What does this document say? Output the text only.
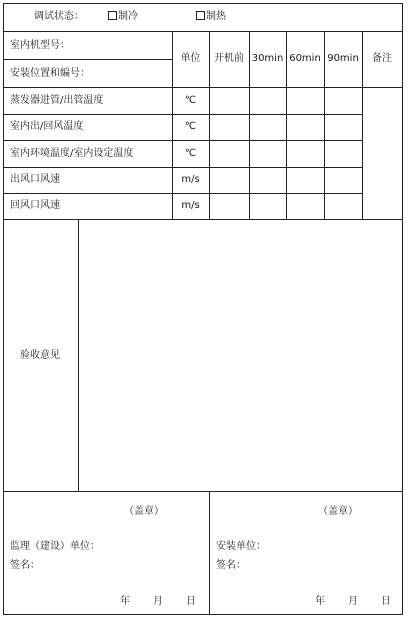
调试状态：	制冷	制热
室内机型号：
安装位置和编号：
单位	开机前 30min 60min 90min	备注
蒸发器进管/出管温度	℃
室内出/回风温度	℃
室内环境温度/室内设定温度	℃
出风口风速	m/s
回风口风速	m/s
验收意见
（盖章）
监理（建设）单位：
签名：
年 月 日
（盖章）
安装单位：
签名：
年 月 日
